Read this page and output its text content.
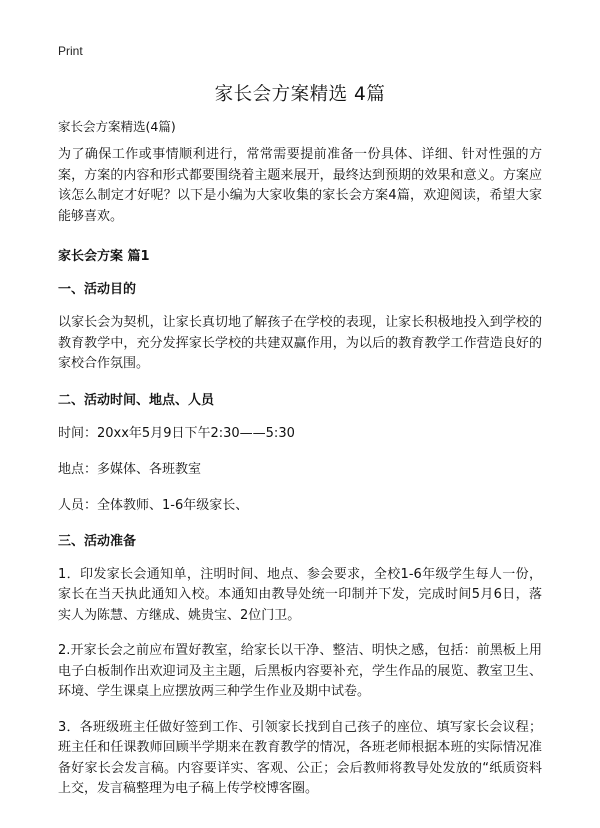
Print
家长会方案精选 4篇

家长会方案精选(4篇)

为了确保工作或事情顺利进行，常常需要提前准备一份具体、详细、针对性强的方案，方案的内容和形式都要围绕着主题来展开，最终达到预期的效果和意义。方案应该怎么制定才好呢？以下是小编为大家收集的家长会方案4篇，欢迎阅读，希望大家能够喜欢。

家长会方案 篇1
一、活动目的

以家长会为契机，让家长真切地了解孩子在学校的表现，让家长积极地投入到学校的教育教学中，充分发挥家长学校的共建双赢作用，为以后的教育教学工作营造良好的家校合作氛围。

二、活动时间、地点、人员
时间：20xx年5月9日下午2:30——5:30
地点：多媒体、各班教室
人员：全体教师、1-6年级家长、
三、活动准备

1．印发家长会通知单，注明时间、地点、参会要求，全校1-6年级学生每人一份，家长在当天执此通知入校。本通知由教导处统一印制并下发，完成时间5月6日，落实人为陈慧、方继成、姚贵宝、2位门卫。

2.开家长会之前应布置好教室，给家长以干净、整洁、明快之感，包括：前黑板上用电子白板制作出欢迎词及主主题，后黑板内容要补充，学生作品的展览、教室卫生、环境、学生课桌上应摆放两三种学生作业及期中试卷。

3．各班级班主任做好签到工作、引领家长找到自己孩子的座位、填写家长会议程；班主任和任课教师回顾半学期来在教育教学的情况，各班老师根据本班的实际情况准备好家长会发言稿。内容要详实、客观、公正；会后教师将教导处发放的“纸质资料上交，发言稿整理为电子稿上传学校博客圈。
